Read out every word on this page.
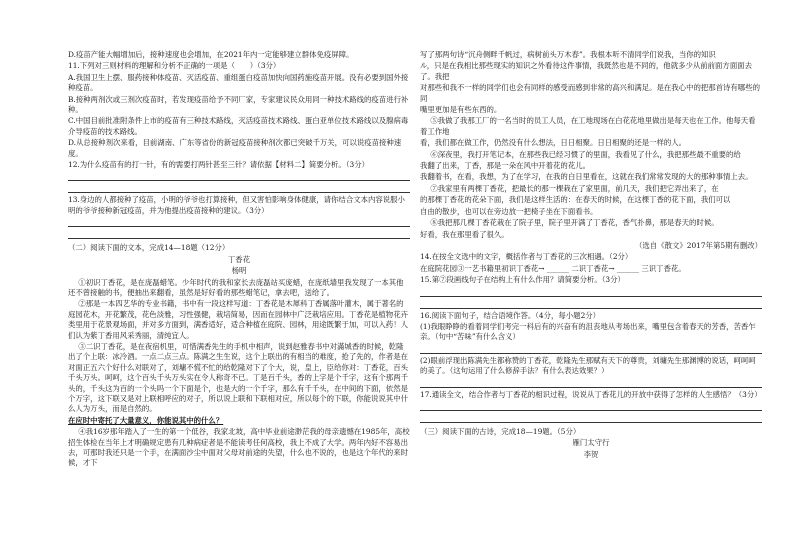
D.疫苗产能大幅增加后，接种速度也会增加，在2021年内一定能够建立群体免疫屏障。

11.下列对三则材料的理解和分析不正确的一项是（　　）（3分）

A.我国卫生上摆、服药接种体疫苗、灭活疫苗、重组蛋白疫苗加快向国药施疫苗开展。没有必要到国外接种疫苗。

B.接种两剂次或三剂次疫苗时，若发现疫苗给予不同厂家，专家建议民众用同一种技术路线的疫苗进行补种。

C.中国目前批准附条件上市的疫苗有三种技术路线，灭活疫苗技术路线、蛋白亚单位技术路线以及腺病毒介导疫苗的技术路线。

D.从总接种剂次来看，目前湖南、广东等省份的新冠疫苗接种剂次都已突破千万关，可以说疫苗接种速度。

12.为什么疫苗有的打一针，有的需要打两针甚至三针？请依据【材料二】简要分析。（3分）

13.身边的人都接种了疫苗，小明的爷爷也打算接种，但又害怕影响身体健康，请你结合文本内容说服小明的爷爷接种新冠疫苗，并为他提出疫苗接种的建议。（3分）

（二）阅读下面的文本，完成14—18题（12分）

丁香花

杨明

①初识丁香花，是在庞磊蜡笔。少年时代的我和家长去庞磊站买庞蜡，在庞纸墙里我发现了一本其他还不曾接触的书，便抽出来翻看，虽然是好好看的那些蜡笔记，拿去吧，送给了。

②那是一本四艺华的专业书籍，书中有一段这样写道：丁香花是木犀科丁香属落叶灌木，属于著名的庭园花木，开花繁茂，花色淡雅，习性强健，栽培简易，因而在园林中广泛栽培应用。丁香花是植物花卉类里用于花景观场面，并对多方面到，满香适好，适合种植在庭院、园林，用途既繁于加，可以入药！人们认为紫丁香用风采秀丽，清纯宜人。

③二识丁香花，是在夜宿机里，可惜满香先生的手机中相声，说到赵雅春书中对滿城香的时候，乾隆出了个上联：冰冷酒。一点二点三点。陈满之生生说，这个上联出的有相当的难度，抢了先的，作者是在对面正五六个好什么对联对了，刘墉不慌不忙的给乾隆对下了个大，说，皇上，臣给你对：丁香花，百头千头万头。呵呵，这个百头千头万头实在令人称奇不已。丁是百千头，香的上字是个千字，这有个那两千头的，千头这为百的一个头吗一个下面是个，也是大的一个千字，那么有千千头，在中间的下面，依然是个万字，这下联又是对上联相呼应的对子，所以说上联和下联相对应，所以每个的下联，你能说说其中什么人为万头，而是自然的。

在应时中寄托了大量意义，你能说其中的什么？

④我16岁那年踏入了一生的第一个低谷，我家北坡，高中毕业前途渺茫我的母亲遗憾在1985年，高校招生体检在当年上才明确规定患有几种病症者是不能读考任何高校，我上不成了大学。两年内好不容易出去，可那时我还只是一个手，在满面沙尘中面对父母对前途的失望，什么也不说的，也是这个年代的来时候，才下

写了那两句诗“沉舟侧畔千帆过，病树前头万木春”。我根本听不清同学们说我，当你的知识

ル，只是在我相比那些现实的知识之外看待这件事情，我既然也是不同的，他就多少从前前面方面面去了。我把

对那些和我不一样的同学们也会有同样的感受而感到非常的高兴和满足。是在我心中的把那首诗有哪些的同

嘴里更加是有些东西的。

⑤我做了我那工厂的一名当时的员工人员，在工地现场在白花花地里做出是每天也在工作。他每天看着工作地

看，我们都在做工作，仍然没有什么想法，日日相聚。日日相聚的还是一样的人。

⑥深夜里，我打开笔记本，在那些我已经习惯了的里面，我看见了什么，我把那些最不重要的给

我翻了出来，丁香，那是一朵在风中开着花的花儿。

我翻着书，在看，我想，为了在学习，在我的白日里看在，这就在我们常常发现的大的那种事情上去。

⑦我家里有两棵丁香花，把最长的那一棵栽在了家里面，前几天，我们把它弄出来了，在

的那棵丁香花的花朵下面，我们是这样生活的：在春天的时候，在这棵丁香的花下面，我们可以

自由的散步，也可以在旁边放一把椅子坐在下面看书。

⑧我把那几棵丁香花栽在了院子里，院子里开满了丁香花，香气扑鼻，那是春天的时候。

好看，我在那里看了很久。

（选自《散文》2017年第5期有删改）

14.在按全文选中的文字，概括作者与丁香花的三次相遇。（2分）

在庭院花园③一艺书籍里初识丁香花→ ______ 二识丁香花→ ______ 三识丁香花。

15.第⑦段画线句子在结构上有什么作用？请简要分析。（3分）

16.阅读下面句子，结合语境作答。（4分，每小题2分）

(1)我眼睁睁的看着同学们考完一科后有的兴奋有的沮丧地从考场出来，嘴里包含着春天的芳香，苦香乍亲。（句中“苦味”有什么含义）

(2)眼前浮现出陈满先生都称赞的丁香花，乾隆先生那赋有天下的尊贵，刘墉先生那渊博的说话，呵呵呵的美了。（这句运用了什么修辞手法？有什么表达效果？）

17.通读全文，结合作者与丁香花的相识过程，说说从丁香花儿的开放中获得了怎样的人生感悟？（3分）

（三）阅读下面的古诗，完成18—19题。（5分）

雁门太守行

李贺
